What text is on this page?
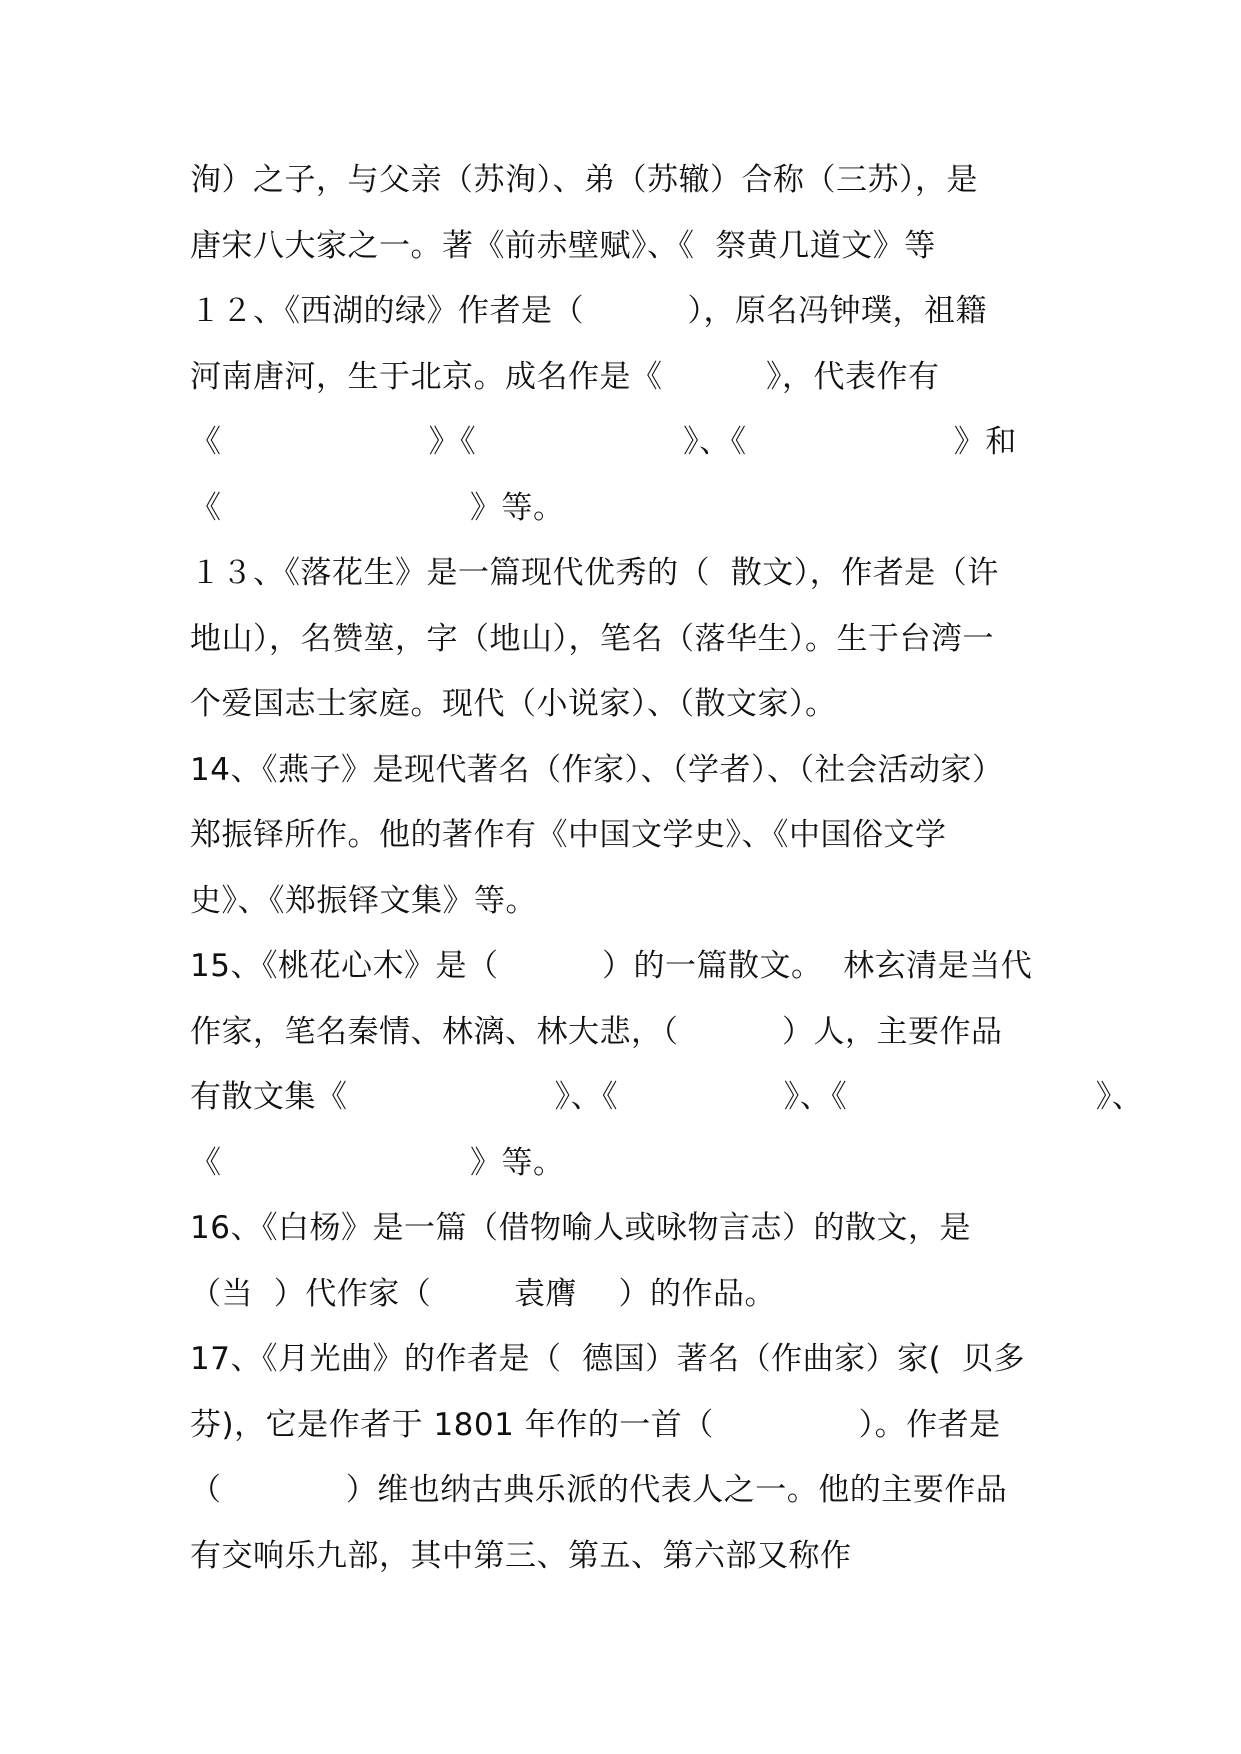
洵）之子，与父亲（苏洵）、弟（苏辙）合称（三苏），是
唐宋八大家之一。著《前赤壁赋》、《  祭黄几道文》等
１２、《西湖的绿》作者是（          ），原名冯钟璞，祖籍
河南唐河，生于北京。成名作是《          》，代表作有
《                    》《                    》、《                    》和
《                        》等。
１３、《落花生》是一篇现代优秀的（  散文），作者是（许
地山），名赞堃，字（地山），笔名（落华生）。生于台湾一
个爱国志士家庭。现代（小说家）、（散文家）。
14、《燕子》是现代著名（作家）、（学者）、（社会活动家）
郑振铎所作。他的著作有《中国文学史》、《中国俗文学
史》、《郑振铎文集》等。
15、《桃花心木》是（          ）的一篇散文。  林玄清是当代
作家，笔名秦情、林漓、林大悲，（          ）人，主要作品
有散文集《                    》、《                》、《                        》、
《                        》等。
16、《白杨》是一篇（借物喻人或咏物言志）的散文，是
（当  ）代作家（        袁膺    ）的作品。
17、《月光曲》的作者是（  德国）著名（作曲家）家(  贝多
芬)，它是作者于 1801 年作的一首（              ）。作者是
（            ）维也纳古典乐派的代表人之一。他的主要作品
有交响乐九部，其中第三、第五、第六部又称作
